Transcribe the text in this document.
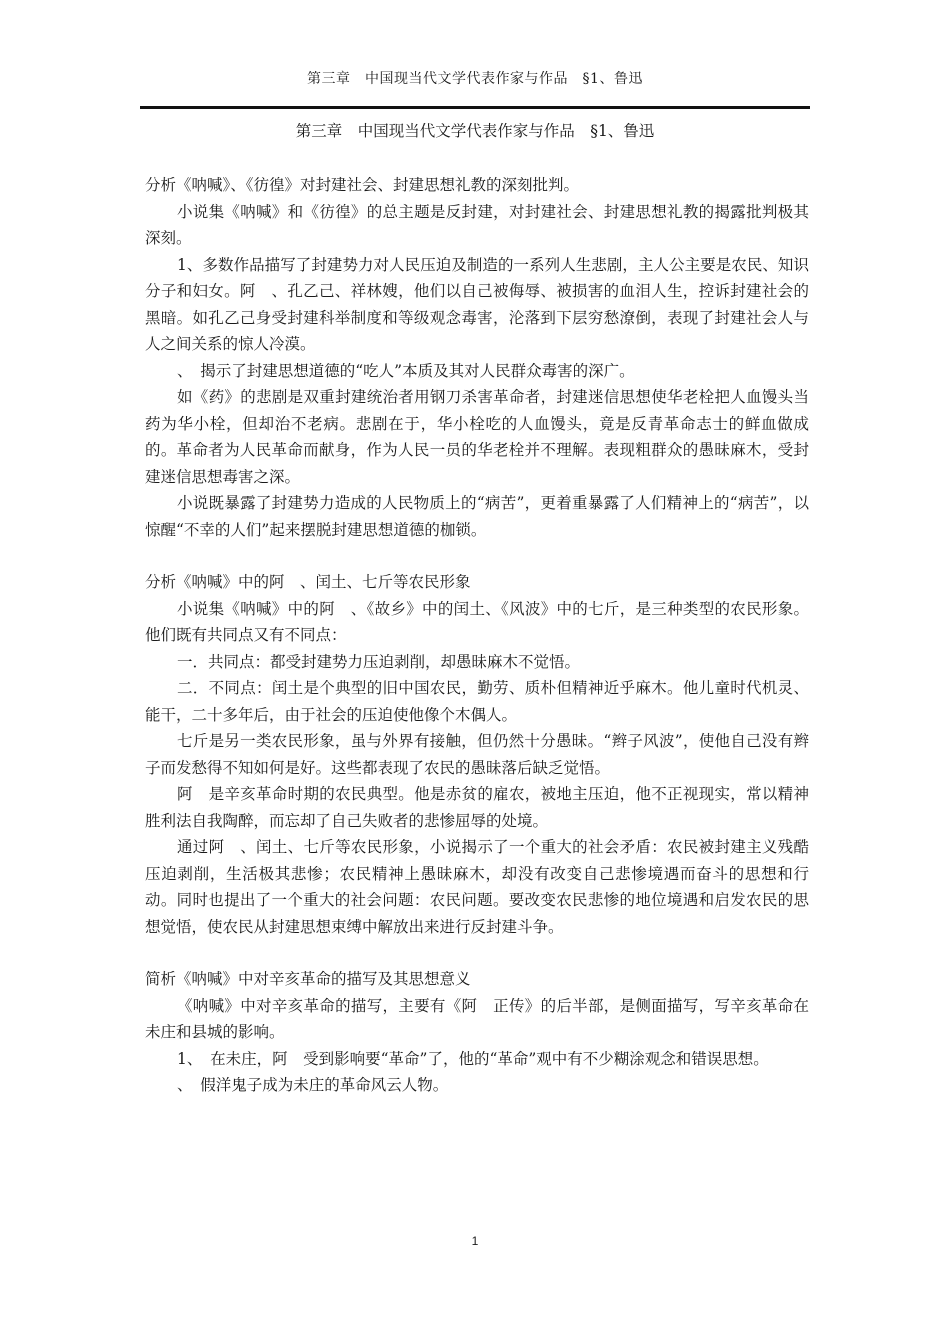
第三章　中国现当代文学代表作家与作品　§1、鲁迅
第三章　中国现当代文学代表作家与作品　§1、鲁迅

分析《呐喊》、《彷徨》对封建社会、封建思想礼教的深刻批判。

小说集《呐喊》和《彷徨》的总主题是反封建，对封建社会、封建思想礼教的揭露批判极其深刻。

1、多数作品描写了封建势力对人民压迫及制造的一系列人生悲剧，主人公主要是农民、知识分子和妇女。阿　、孔乙己、祥林嫂，他们以自己被侮辱、被损害的血泪人生，控诉封建社会的黑暗。如孔乙己身受封建科举制度和等级观念毒害，沦落到下层穷愁潦倒，表现了封建社会人与人之间关系的惊人冷漠。

、　揭示了封建思想道德的“吃人”本质及其对人民群众毒害的深广。

如《药》的悲剧是双重封建统治者用钢刀杀害革命者，封建迷信思想使华老栓把人血馒头当药为华小栓，但却治不老病。悲剧在于，华小栓吃的人血馒头，竟是反青革命志士的鲜血做成的。革命者为人民革命而献身，作为人民一员的华老栓并不理解。表现粗群众的愚昧麻木，受封建迷信思想毒害之深。

小说既暴露了封建势力造成的人民物质上的“病苦”，更着重暴露了人们精神上的“病苦”，以惊醒“不幸的人们”起来摆脱封建思想道德的枷锁。

分析《呐喊》中的阿　、闰土、七斤等农民形象

小说集《呐喊》中的阿　、《故乡》中的闰土、《风波》中的七斤，是三种类型的农民形象。他们既有共同点又有不同点：

一．共同点：都受封建势力压迫剥削，却愚昧麻木不觉悟。

二．不同点：闰土是个典型的旧中国农民，勤劳、质朴但精神近乎麻木。他儿童时代机灵、能干，二十多年后，由于社会的压迫使他像个木偶人。

七斤是另一类农民形象，虽与外界有接触，但仍然十分愚昧。“辫子风波”，使他自己没有辫子而发愁得不知如何是好。这些都表现了农民的愚昧落后缺乏觉悟。

阿　是辛亥革命时期的农民典型。他是赤贫的雇农，被地主压迫，他不正视现实，常以精神胜利法自我陶醉，而忘却了自己失败者的悲惨屈辱的处境。

通过阿　、闰土、七斤等农民形象，小说揭示了一个重大的社会矛盾：农民被封建主义残酷压迫剥削，生活极其悲惨；农民精神上愚昧麻木，却没有改变自己悲惨境遇而奋斗的思想和行动。同时也提出了一个重大的社会问题：农民问题。要改变农民悲惨的地位境遇和启发农民的思想觉悟，使农民从封建思想束缚中解放出来进行反封建斗争。

简析《呐喊》中对辛亥革命的描写及其思想意义

《呐喊》中对辛亥革命的描写，主要有《阿　正传》的后半部，是侧面描写，写辛亥革命在未庄和县城的影响。

1、　在未庄，阿　受到影响要“革命”了，他的“革命”观中有不少糊涂观念和错误思想。

、　假洋鬼子成为未庄的革命风云人物。

1
